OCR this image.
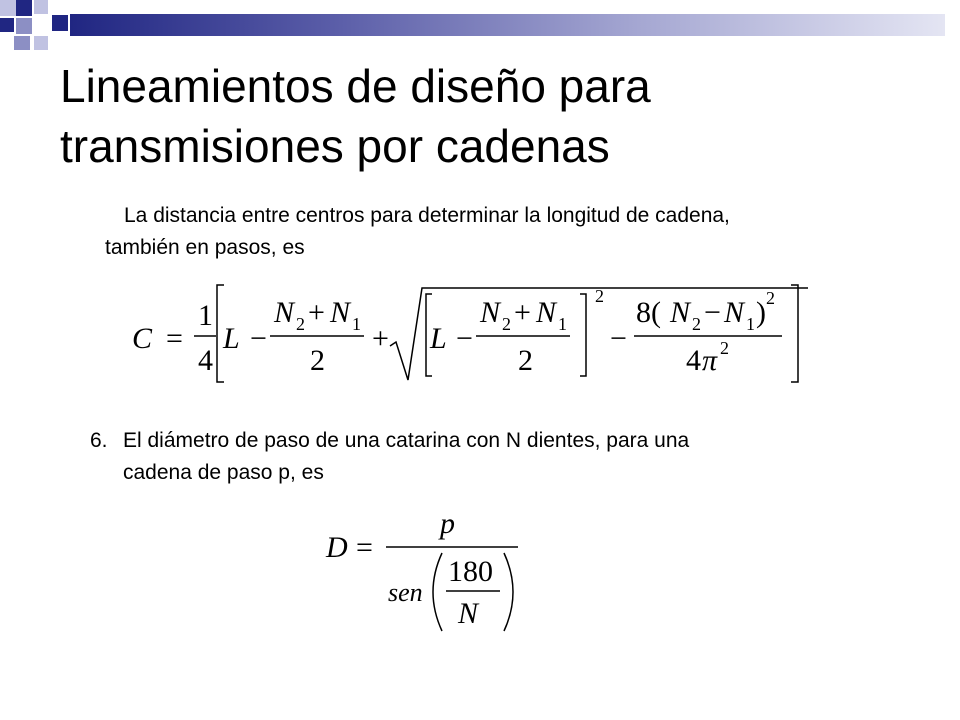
Lineamientos de diseño para
transmisiones por cadenas
La distancia entre centros para determinar la longitud de cadena,
también en pasos, es
C =
1
4
L −
N 2 + N 1
2
+ L −
N 2 + N 1
2
2
−
8( N 2 − N 1 ) 2
4 π 2
6. El diámetro de paso de una catarina con N dientes, para una
cadena de paso p, es
D =
p
sen
180
N
